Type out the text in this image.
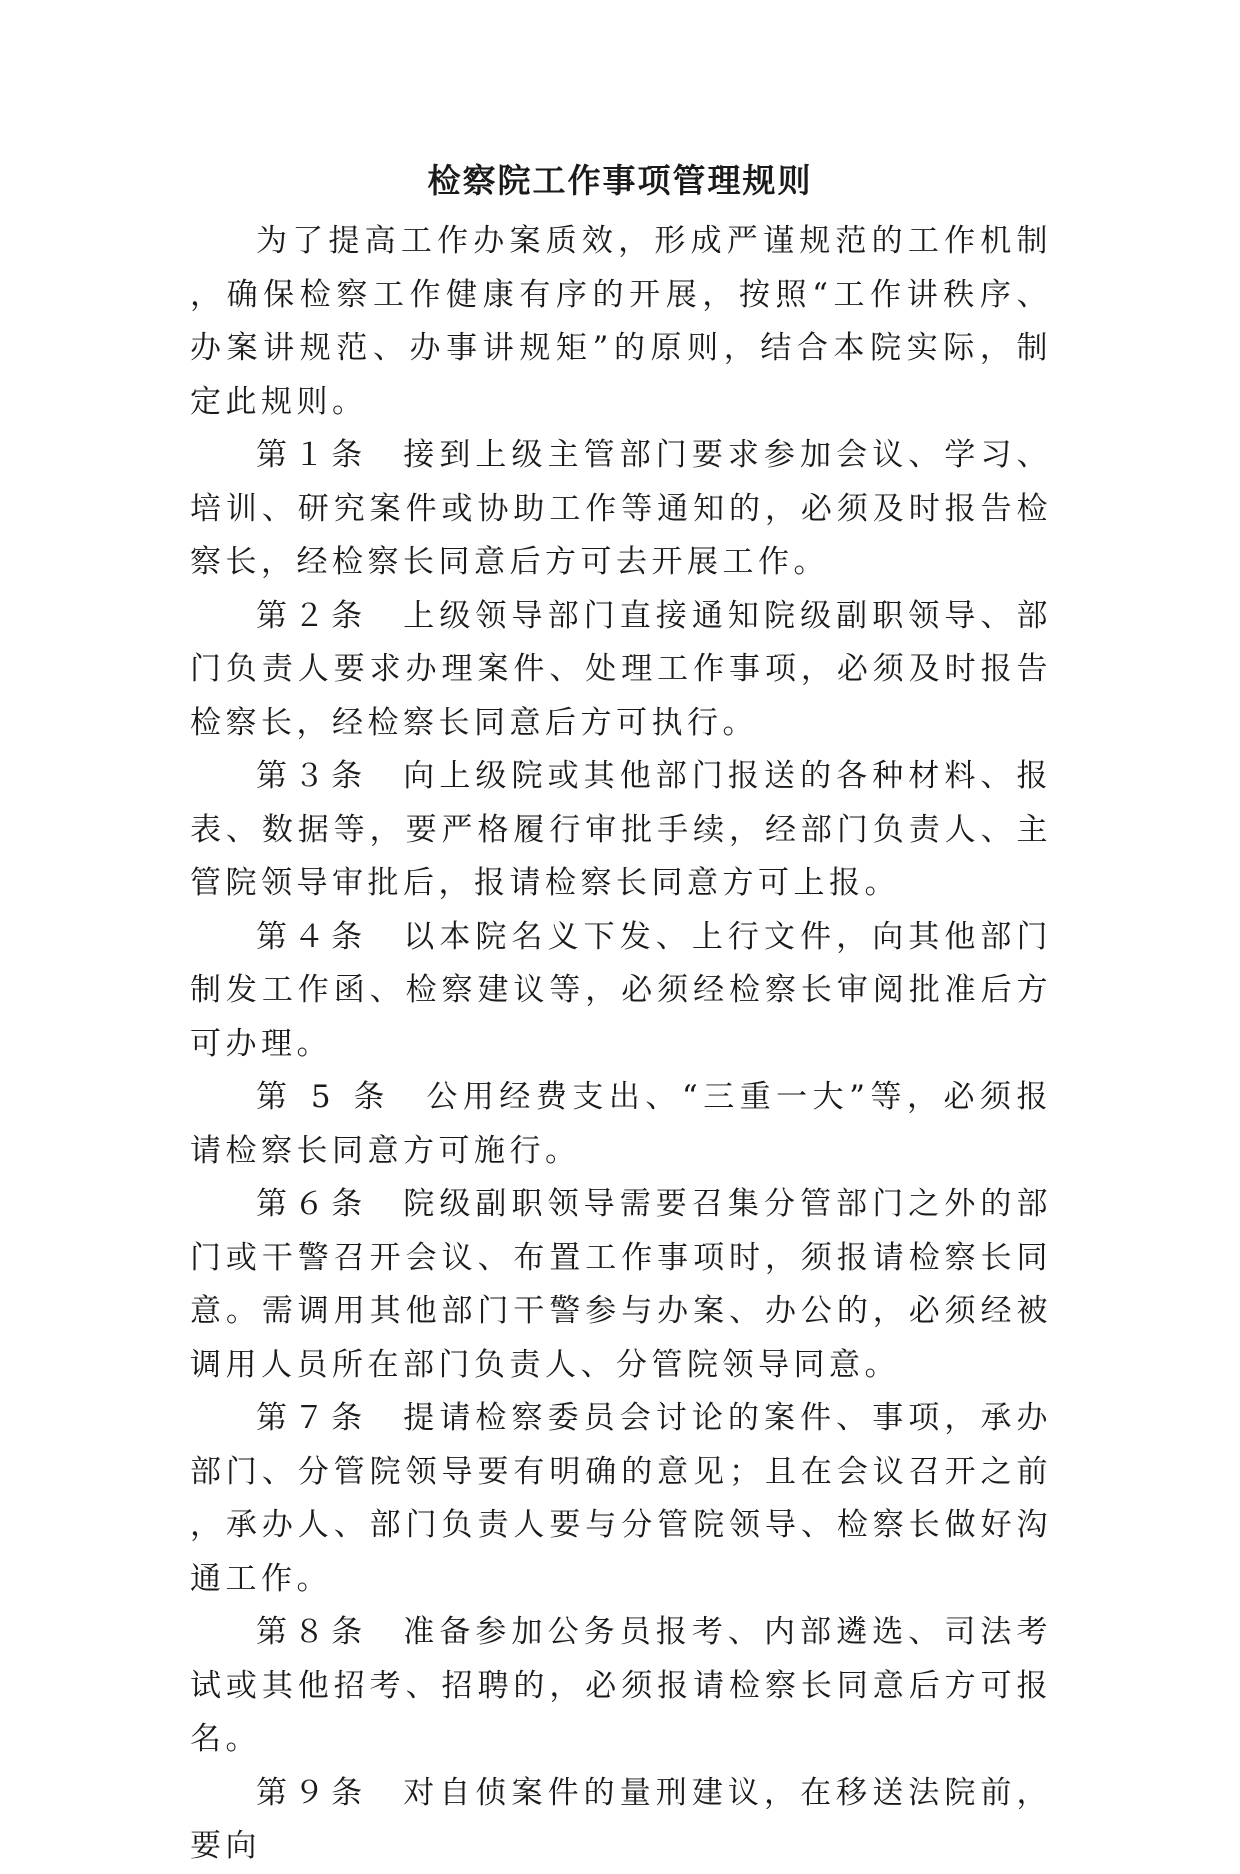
检察院工作事项管理规则

为了提高工作办案质效，形成严谨规范的工作机制，确保检察工作健康有序的开展，按照“工作讲秩序、办案讲规范、办事讲规矩”的原则，结合本院实际，制定此规则。

第１条 接到上级主管部门要求参加会议、学习、培训、研究案件或协助工作等通知的，必须及时报告检察长，经检察长同意后方可去开展工作。

第２条 上级领导部门直接通知院级副职领导、部门负责人要求办理案件、处理工作事项，必须及时报告检察长，经检察长同意后方可执行。

第３条 向上级院或其他部门报送的各种材料、报表、数据等，要严格履行审批手续，经部门负责人、主管院领导审批后，报请检察长同意方可上报。

第４条 以本院名义下发、上行文件，向其他部门制发工作函、检察建议等，必须经检察长审阅批准后方可办理。

第 5 条 公用经费支出、“三重一大”等，必须报请检察长同意方可施行。

第６条 院级副职领导需要召集分管部门之外的部门或干警召开会议、布置工作事项时，须报请检察长同意。需调用其他部门干警参与办案、办公的，必须经被调用人员所在部门负责人、分管院领导同意。

第７条 提请检察委员会讨论的案件、事项，承办部门、分管院领导要有明确的意见；且在会议召开之前，承办人、部门负责人要与分管院领导、检察长做好沟通工作。

第８条 准备参加公务员报考、内部遴选、司法考试或其他招考、招聘的，必须报请检察长同意后方可报名。

第９条 对自侦案件的量刑建议，在移送法院前，要向
